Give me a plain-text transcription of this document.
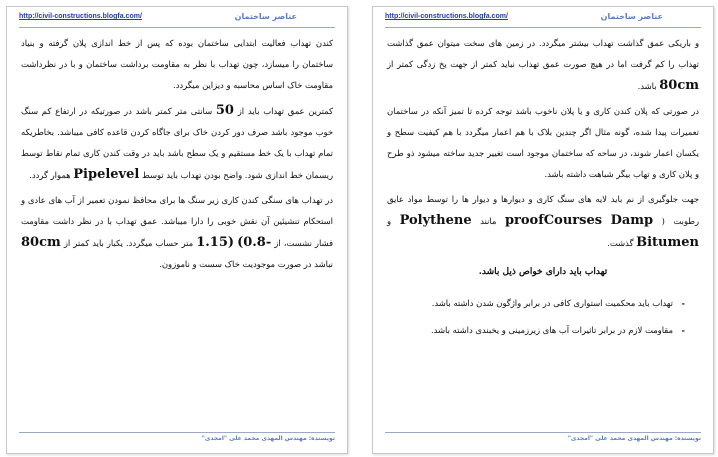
http://civil-constructions.blogfa.com/	عناصر ساختمان

کندن تهداب فعالیت ابتدایی ساختمان بوده که پس از خط اندازی پلان گرفته و بنیاد ساختمان را میسازد، چون تهداب با نظر به مقاومت برداشت ساختمان و با در نظرداشت مقاومت خاک اساس محاسبه و دیزاین میگردد.

کمترین عمق تهداب باید از 50 سانتی متر کمتر باشد در صورتیکه در ارتفاع کم سنگ خوب موجود باشد صرف دور کردن خاک برای جاگاه کردن قاعده کافی میباشد. بخاطریکه تمام تهداب با یک خط مستقیم و یک سطح باشد باید در وقت کندن کاری تمام نقاط توسط ریسمان خط اندازی شود. واضح بودن تهداب باید توسط Pipelevel هموار گردد.

در تهداب های سنگی کندن کاری زیر سنگ ها برای محافظ نمودن تعمیر از آب های عادی و استحکام تنشیئین آن نقش خوبی را دارا میباشد. عمق تهداب با در نظر داشت مقاومت فشار نشست، از (0.8- 1.15) متر حساب میگردد. یکبار باید کمتر از 80cm نباشد در صورت موجودیت خاک سست و ناموزون.

نویسنده: مهندس المهدی محمد علی "امجدی"
http://civil-constructions.blogfa.com/	عناصر ساختمان

و باریکی عمق گذاشت تهداب بیشتر میگردد. در زمین های سخت میتوان عمق گذاشت تهداب را کم گرفت اما در هیچ صورت عمق تهداب نباید کمتر از جهت یخ زدگی کمتر از 80cm باشد.

در صورتی که پلان کندن کاری و یا پلان ناخوب باشد توجه کرده تا تمیز آنکه در ساختمان تعمیرات پیدا شده، گونه مثال اگر چندین بلاک با هم اعمار میگردد با هم کیفیت سطح و یکسان اعمار شوند، در ساحه که ساختمان موجود است تغییر جدید ساخته میشود ذو طرح و پلان کاری و تهاب بیگر شباهت داشته باشد.

جهت جلوگیری از نم باید لایه های سنگ کاری و دیوارها و دیوار ها را توسط مواد عایق رطوبت ( Damp proofCourses مانند Polythene و Bitumen گذشت.

تهداب باید دارای خواص ذیل باشد.
- تهداب باید محکمیت استواری کافی در برابر واژگون شدن داشته باشد.
- مقاومت لازم در برابر تاثیرات آب های زیرزمینی و یخبندی داشته باشد.
نویسنده: مهندس المهدی محمد علی "امجدی"
